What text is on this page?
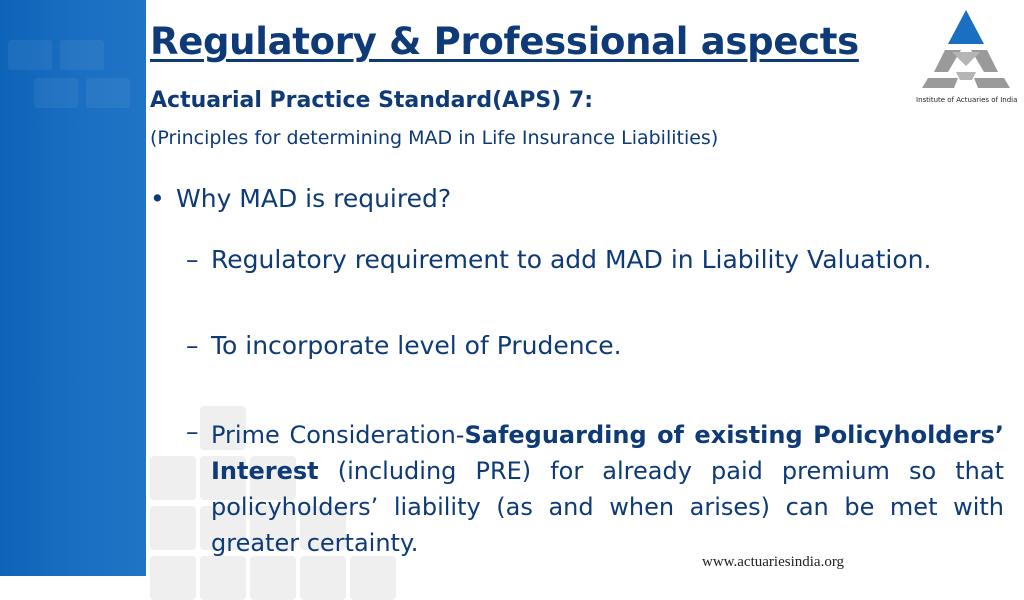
Regulatory & Professional aspects
Actuarial Practice Standard(APS) 7:
(Principles for determining MAD in Life Insurance Liabilities)
Institute of Actuaries of India
• Why MAD is required?
– Regulatory requirement to add MAD in Liability Valuation.
– To incorporate level of Prudence.
– Prime Consideration-Safeguarding of existing Policyholders’ Interest (including PRE) for already paid premium so that policyholders’ liability (as and when arises) can be met with greater certainty.
www.actuariesindia.org
